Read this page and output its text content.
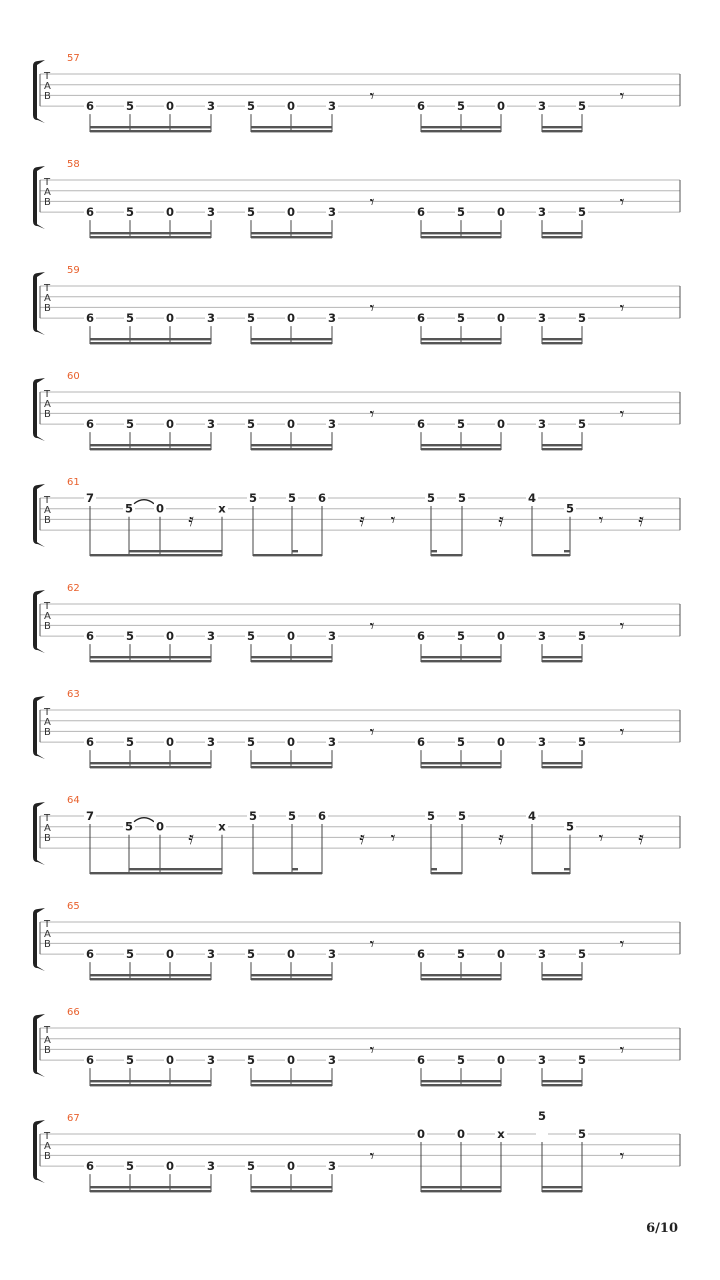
T
A
B
57
6	5	0	3	5	0	3 𝄾	6	5	0	3	5 𝄾
T
A
B
58
6	5	0	3	5	0	3 𝄾	6	5	0	3	5 𝄾
T
A
B
59
6	5	0	3	5	0	3 𝄾	6	5	0	3	5 𝄾
T
A
B
60
6	5	0	3	5	0	3 𝄾	6	5	0	3	5 𝄾
T
A
B
61
7
5 0
𝄿
x
5	5 6
𝄿 𝄾
5 5
𝄿
4
5
𝄾 𝄿
T
A
B
62
6	5	0	3	5	0	3 𝄾	6	5	0	3	5 𝄾
T
A
B
63
6	5	0	3	5	0	3 𝄾	6	5	0	3	5 𝄾
T
A
B
64
7
5 0
𝄿
x
5	5 6
𝄿 𝄾
5 5
𝄿
4
5
𝄾 𝄿
T
A
B
65
6	5	0	3	5	0	3 𝄾	6	5	0	3	5 𝄾
T
A
B
66
6	5	0	3	5	0	3 𝄾	6	5	0	3	5 𝄾
T
A
B
67
6	5	0	3	5	0	3 𝄾
0	0	x
5
5
𝄾
6/10
